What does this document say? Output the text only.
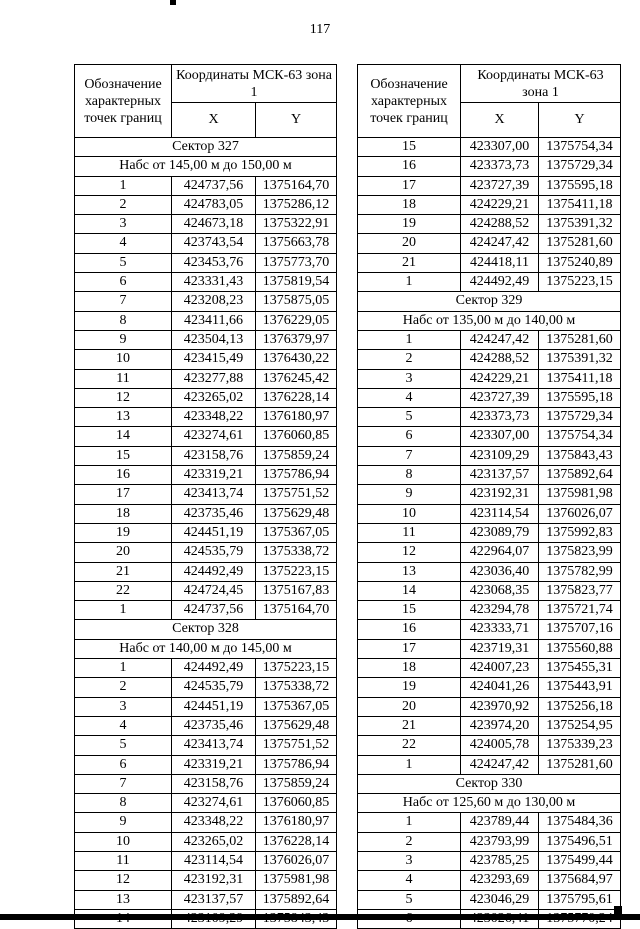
117
Обозначение характерных точек границ	Координаты МСК-63 зона 1	
	X	Y
Сектор 327		
Набс от 145,00 м до 150,00 м		
1	424737,56	1375164,70
2	424783,05	1375286,12
3	424673,18	1375322,91
4	423743,54	1375663,78
5	423453,76	1375773,70
6	423331,43	1375819,54
7	423208,23	1375875,05
8	423411,66	1376229,05
9	423504,13	1376379,97
10	423415,49	1376430,22
11	423277,88	1376245,42
12	423265,02	1376228,14
13	423348,22	1376180,97
14	423274,61	1376060,85
15	423158,76	1375859,24
16	423319,21	1375786,94
17	423413,74	1375751,52
18	423735,46	1375629,48
19	424451,19	1375367,05
20	424535,79	1375338,72
21	424492,49	1375223,15
22	424724,45	1375167,83
1	424737,56	1375164,70
Сектор 328		
Набс от 140,00 м до 145,00 м		
1	424492,49	1375223,15
2	424535,79	1375338,72
3	424451,19	1375367,05
4	423735,46	1375629,48
5	423413,74	1375751,52
6	423319,21	1375786,94
7	423158,76	1375859,24
8	423274,61	1376060,85
9	423348,22	1376180,97
10	423265,02	1376228,14
11	423114,54	1376026,07
12	423192,31	1375981,98
13	423137,57	1375892,64

Обозначение характерных точек границ	Координаты МСК-63 зона 1	
	X	Y
15	423307,00	1375754,34
16	423373,73	1375729,34
17	423727,39	1375595,18
18	424229,21	1375411,18
19	424288,52	1375391,32
20	424247,42	1375281,60
21	424418,11	1375240,89
1	424492,49	1375223,15
Сектор 329		
Набс от 135,00 м до 140,00 м		
1	424247,42	1375281,60
2	424288,52	1375391,32
3	424229,21	1375411,18
4	423727,39	1375595,18
5	423373,73	1375729,34
6	423307,00	1375754,34
7	423109,29	1375843,43
8	423137,57	1375892,64
9	423192,31	1375981,98
10	423114,54	1376026,07
11	423089,79	1375992,83
12	422964,07	1375823,99
13	423036,40	1375782,99
14	423068,35	1375823,77
15	423294,78	1375721,74
16	423333,71	1375707,16
17	423719,31	1375560,88
18	424007,23	1375455,31
19	424041,26	1375443,91
20	423970,92	1375256,18
21	423974,20	1375254,95
22	424005,78	1375339,23
1	424247,42	1375281,60
Сектор 330		
Набс от 125,60 м до 130,00 м		
1	423789,44	1375484,36
2	423793,99	1375496,51
3	423785,25	1375499,44
4	423293,69	1375684,97
5	423046,29	1375795,61
